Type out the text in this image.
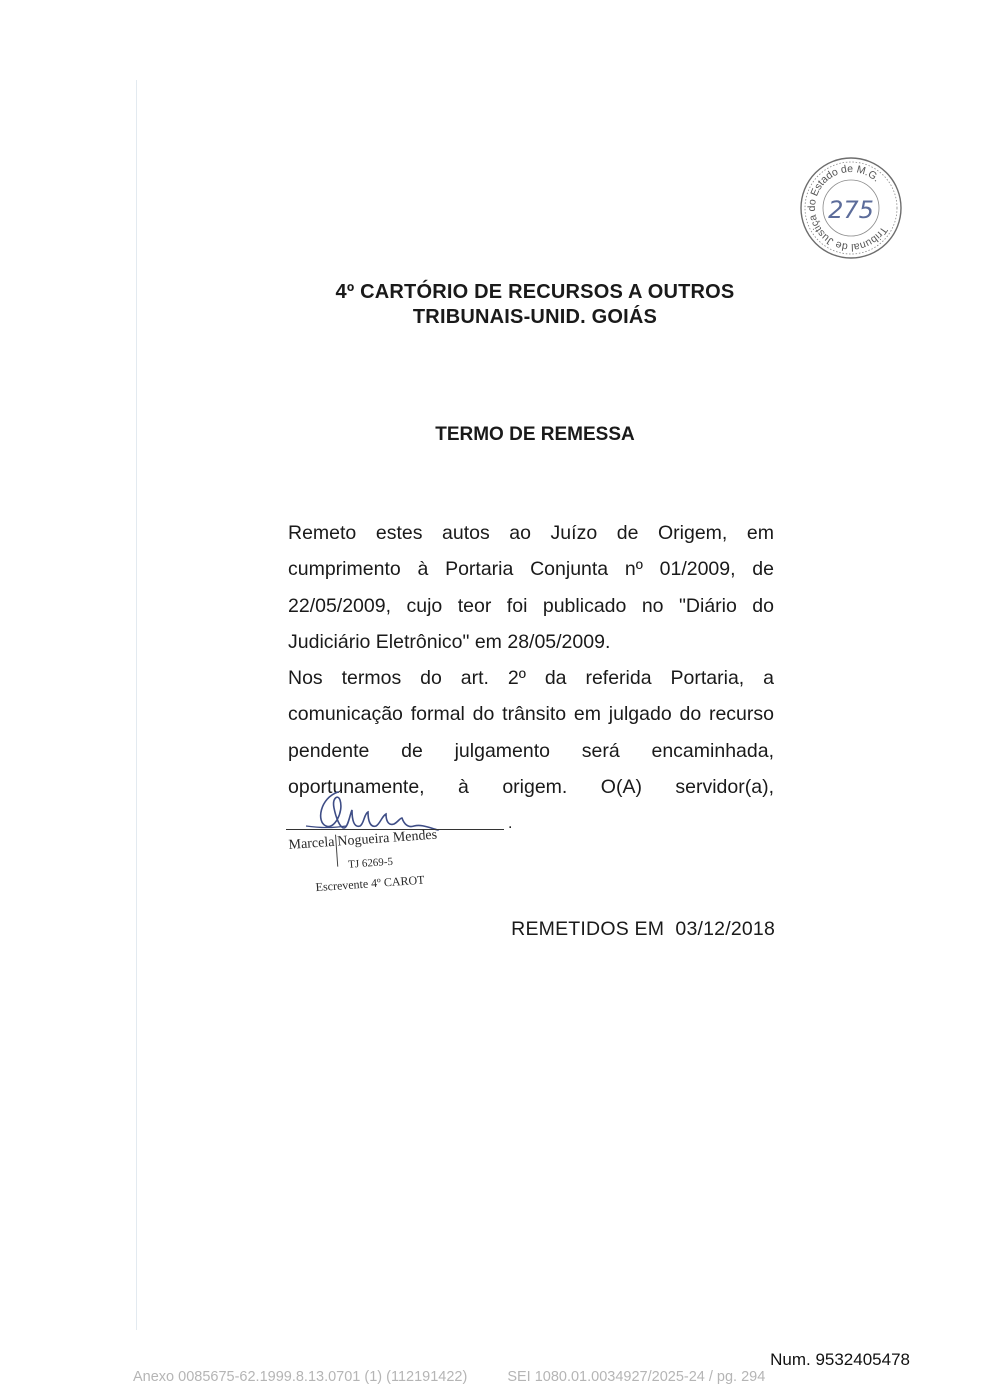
Tribunal de Justiça do Estado de M.G.
275
4º CARTÓRIO DE RECURSOS A OUTROS
TRIBUNAIS-UNID. GOIÁS
TERMO DE REMESSA

Remeto estes autos ao Juízo de Origem, em cumprimento à Portaria Conjunta nº 01/2009, de 22/05/2009, cujo teor foi publicado no "Diário do Judiciário Eletrônico" em 28/05/2009.

Nos termos do art. 2º da referida Portaria, a comunicação formal do trânsito em julgado do recurso pendente de julgamento será encaminhada, oportunamente, à origem. O(A) servidor(a),

.
Marcela Nogueira Mendes
TJ 6269-5
Escrevente 4º CAROT
REMETIDOS EM  03/12/2018
Num. 9532405478
Anexo 0085675-62.1999.8.13.0701 (1) (112191422)	SEI 1080.01.0034927/2025-24 / pg. 294
